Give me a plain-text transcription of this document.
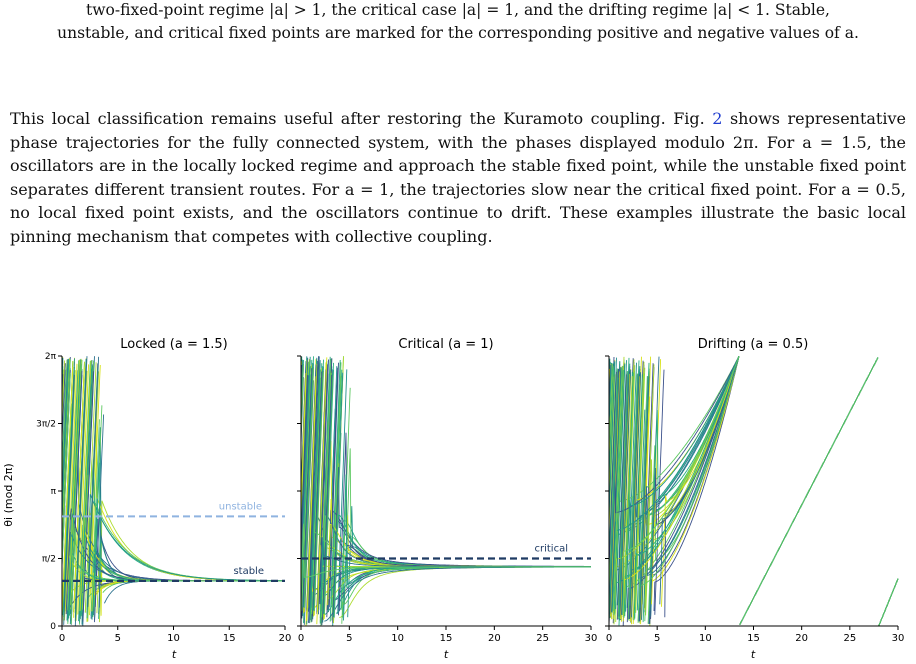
two-fixed-point regime |a| > 1, the critical case |a| = 1, and the drifting regime |a| < 1. Stable,
unstable, and critical fixed points are marked for the corresponding positive and negative values of a.
This local classification remains useful after restoring the Kuramoto coupling. Fig. 2 shows representative phase trajectories for the fully connected system, with the phases displayed modulo 2π. For a = 1.5, the oscillators are in the locally locked regime and approach the stable fixed point, while the unstable fixed point separates different transient routes. For a = 1, the trajectories slow near the critical fixed point. For a = 0.5, no local fixed point exists, and the oscillators continue to drift. These examples illustrate the basic local pinning mechanism that competes with collective coupling.
Locked (a = 1.5)
t
θi (mod 2π)
0
π/2
π
3π/2
2π
0	5	10	15	20
Critical (a = 1)
t
0	5	10	15	20	25	30
Drifting (a = 0.5)
t
0	5	10	15	20	25	30
unstable
stable
critical
